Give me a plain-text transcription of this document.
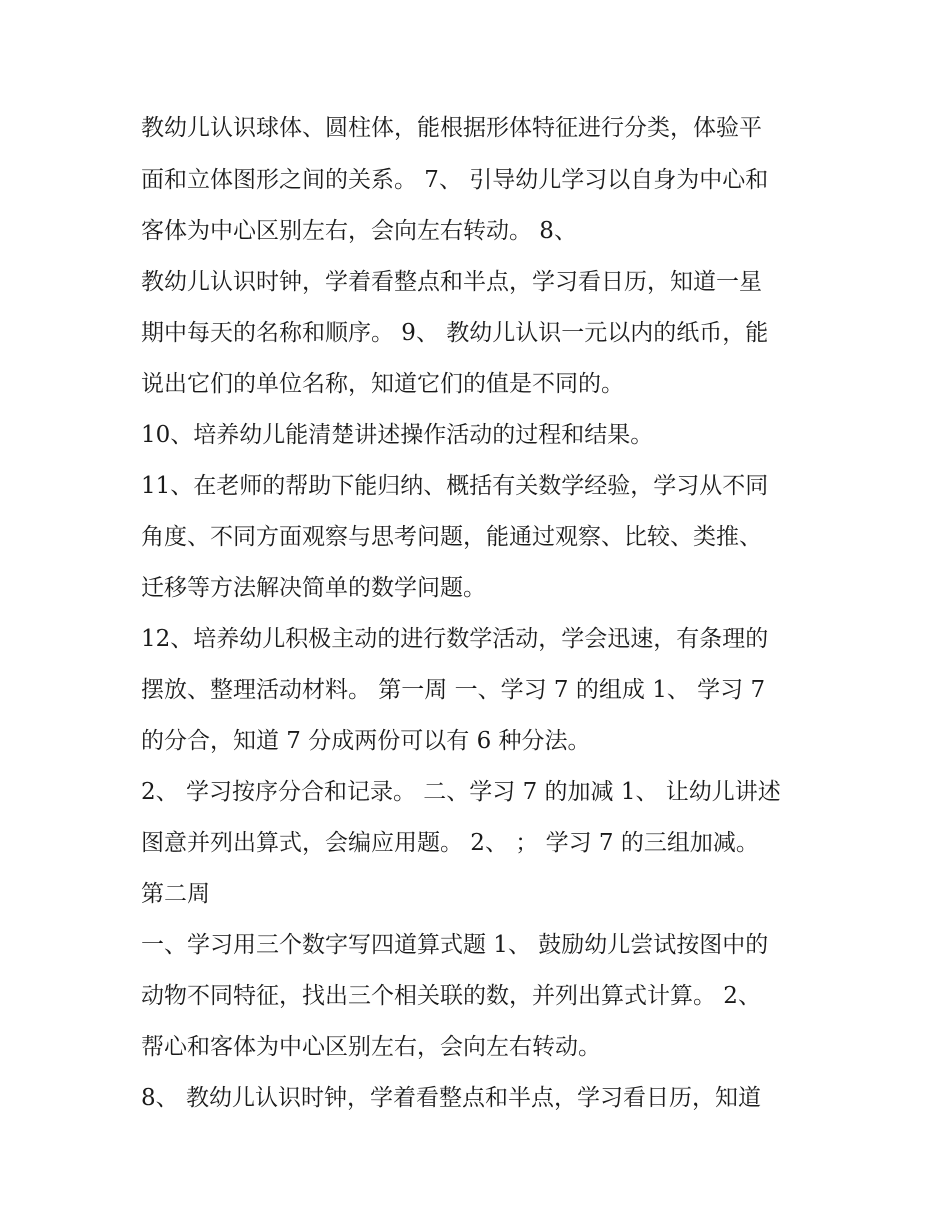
教幼儿认识球体、圆柱体，能根据形体特征进行分类，体验平
面和立体图形之间的关系。 7、 引导幼儿学习以自身为中心和
客体为中心区别左右，会向左右转动。 8、
教幼儿认识时钟，学着看整点和半点，学习看日历，知道一星
期中每天的名称和顺序。 9、 教幼儿认识一元以内的纸币，能
说出它们的单位名称，知道它们的值是不同的。
10、培养幼儿能清楚讲述操作活动的过程和结果。
11、在老师的帮助下能归纳、概括有关数学经验，学习从不同
角度、不同方面观察与思考问题，能通过观察、比较、类推、
迁移等方法解决简单的数学问题。
12、培养幼儿积极主动的进行数学活动，学会迅速，有条理的
摆放、整理活动材料。 第一周 一、学习 7 的组成 1、 学习 7
的分合，知道 7 分成两份可以有 6 种分法。
2、 学习按序分合和记录。 二、学习 7 的加减 1、 让幼儿讲述
图意并列出算式，会编应用题。 2、 ； 学习 7 的三组加减。
第二周
一、学习用三个数字写四道算式题 1、 鼓励幼儿尝试按图中的
动物不同特征，找出三个相关联的数，并列出算式计算。 2、
帮心和客体为中心区别左右，会向左右转动。
8、 教幼儿认识时钟，学着看整点和半点，学习看日历，知道
